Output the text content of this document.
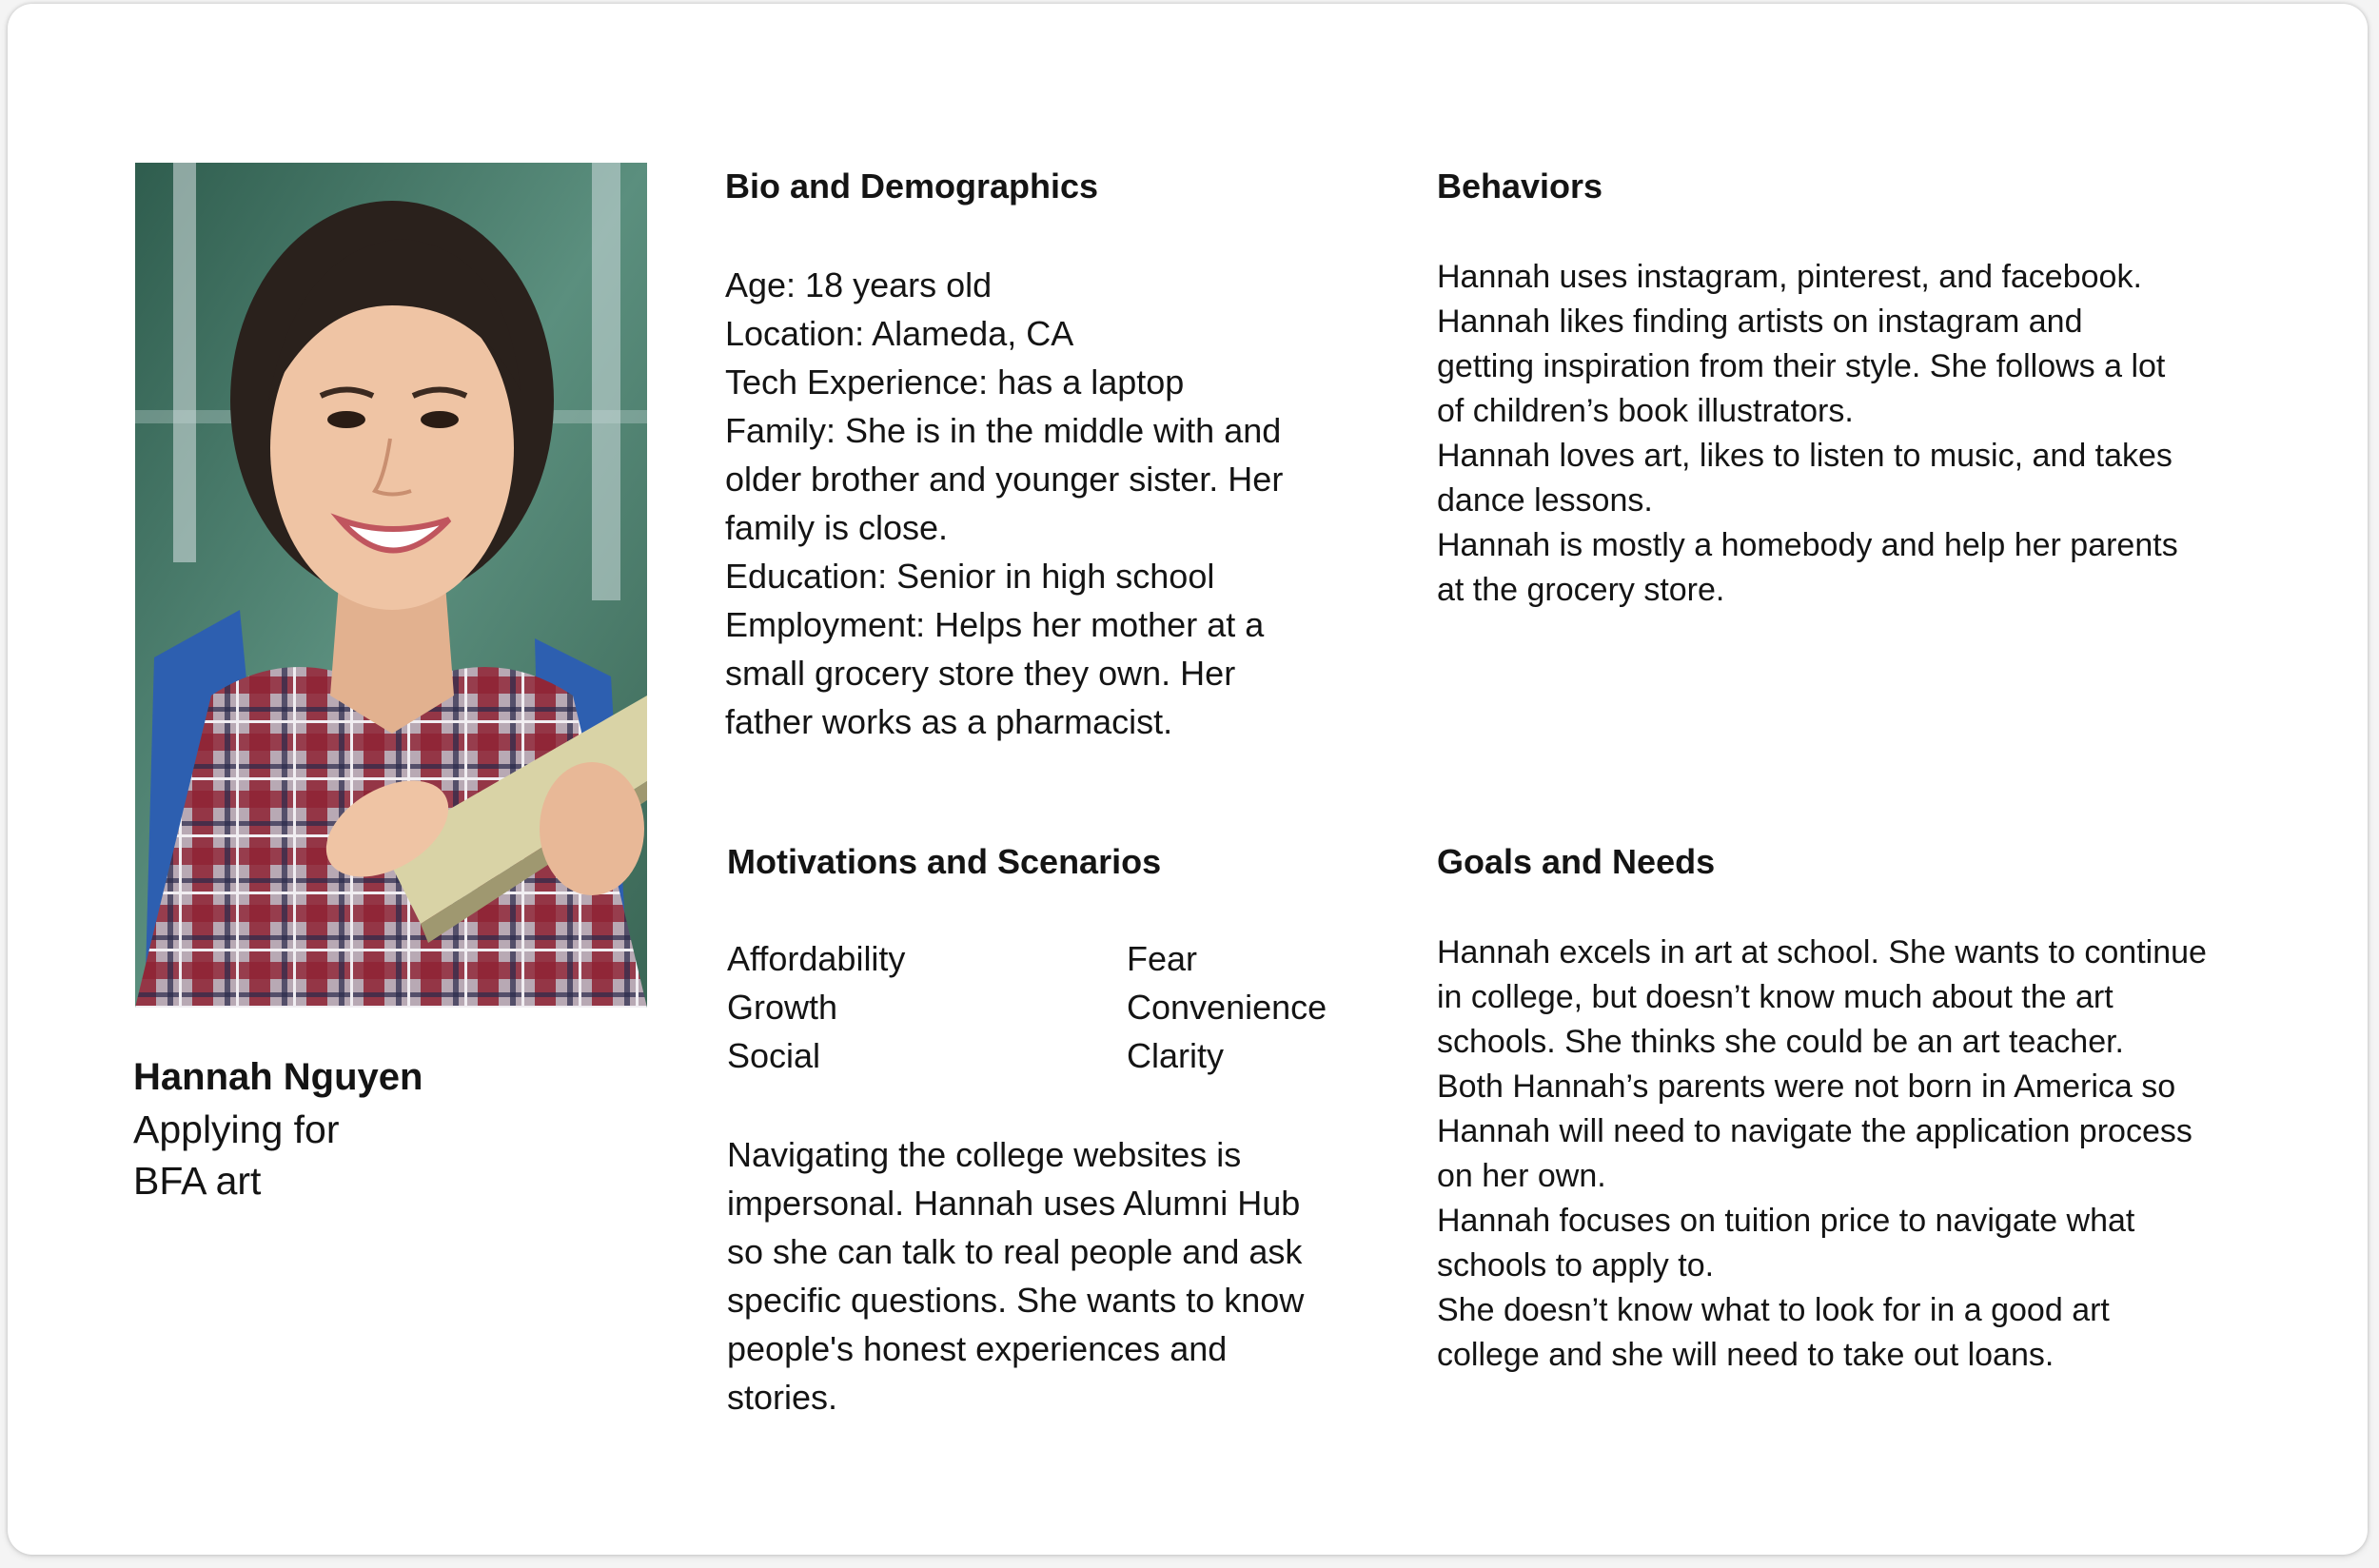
Hannah Nguyen
Applying for
BFA art
Bio and Demographics
Age: 18 years old
Location: Alameda, CA
Tech Experience: has a laptop
Family: She is in the middle with and
older brother and younger sister. Her
family is close.
Education: Senior in high school
Employment: Helps her mother at a
small grocery store they own. Her
father works as a pharmacist.
Behaviors
Hannah uses instagram, pinterest, and facebook.
Hannah likes finding artists on instagram and
getting inspiration from their style. She follows a lot
of children’s book illustrators.
Hannah loves art, likes to listen to music, and takes
dance lessons.
Hannah is mostly a homebody and help her parents
at the grocery store.
Motivations and Scenarios
Affordability
Growth
Social
Fear
Convenience
Clarity
Navigating the college websites is
impersonal. Hannah uses Alumni Hub
so she can talk to real people and ask
specific questions. She wants to know
people's honest experiences and
stories.
Goals and Needs
Hannah excels in art at school. She wants to continue
in college, but doesn’t know much about the art
schools. She thinks she could be an art teacher.
Both Hannah’s parents were not born in America so
Hannah will need to navigate the application process
on her own.
Hannah focuses on tuition price to navigate what
schools to apply to.
She doesn’t know what to look for in a good art
college and she will need to take out loans.
